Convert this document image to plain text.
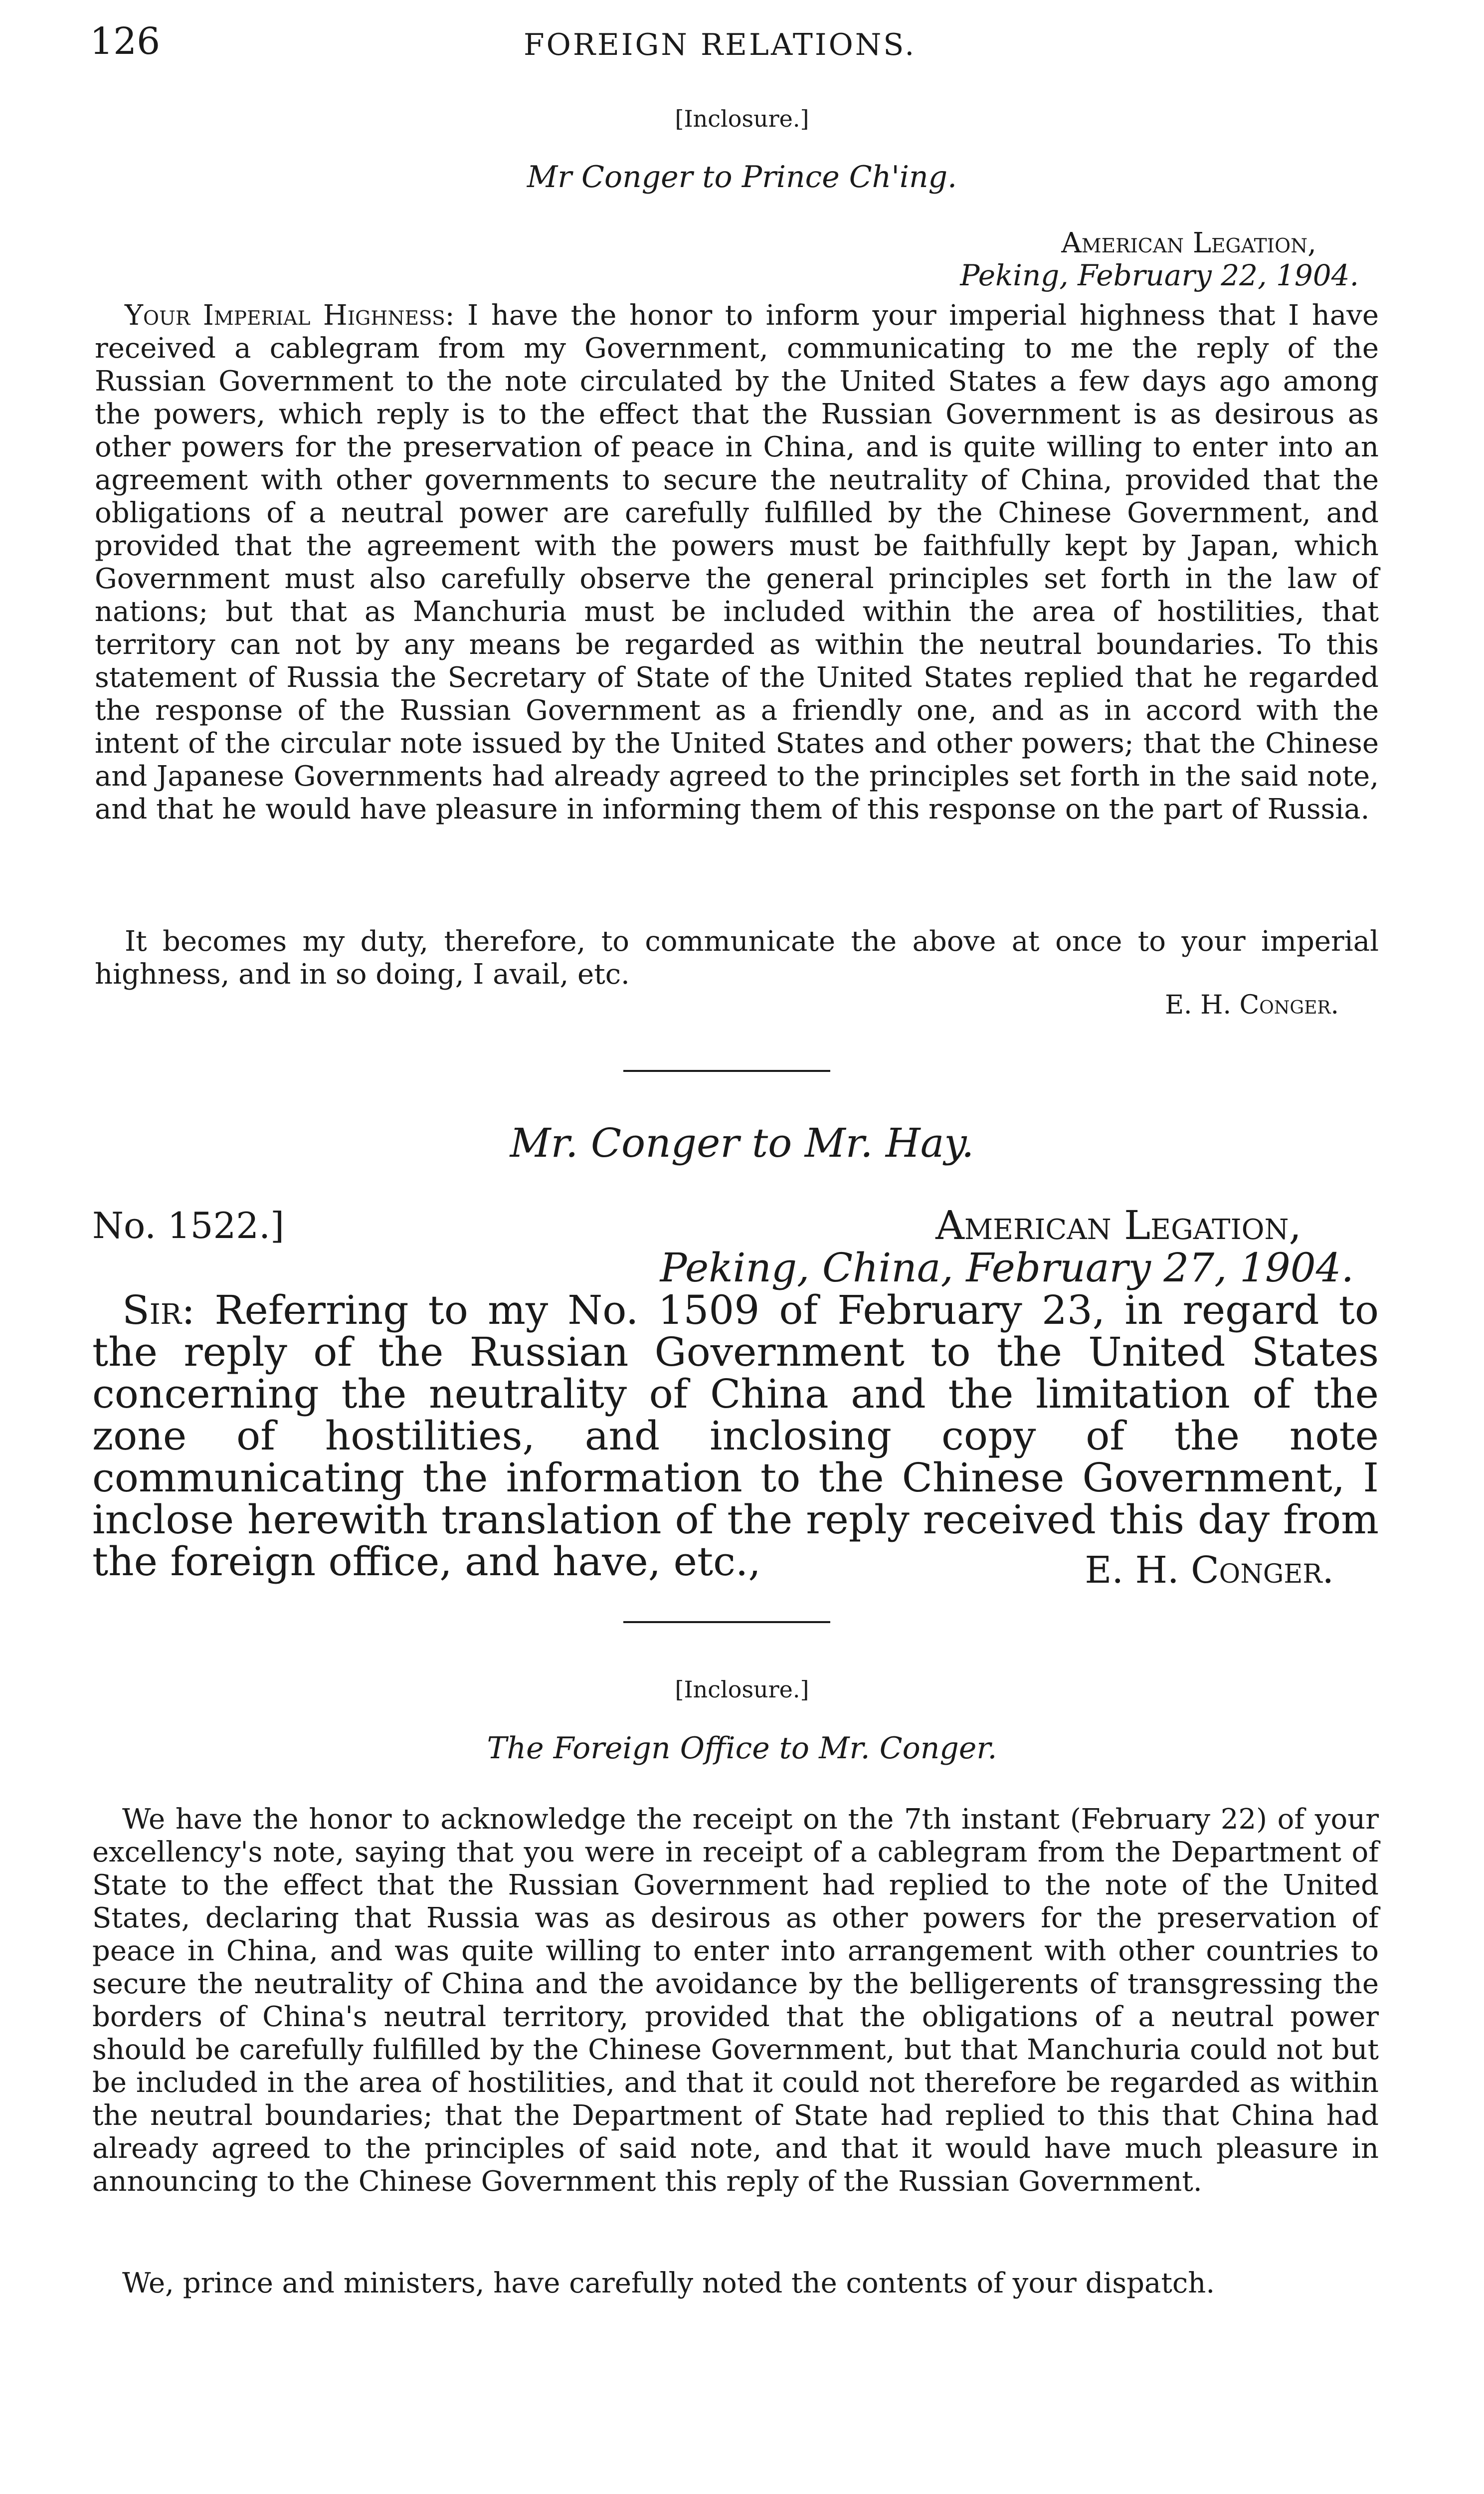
126	FOREIGN RELATIONS.
[Inclosure.]
Mr Conger to Prince Ch'ing.
American Legation,
Peking, February 22, 1904.
Your Imperial Highness: I have the honor to inform your imperial highness that I have received a cablegram from my Government, communicating to me the reply of the Russian Government to the note circulated by the United States a few days ago among the powers, which reply is to the effect that the Russian Government is as desirous as other powers for the preservation of peace in China, and is quite willing to enter into an agreement with other governments to secure the neutrality of China, provided that the obligations of a neutral power are carefully fulfilled by the Chinese Government, and provided that the agreement with the powers must be faithfully kept by Japan, which Government must also carefully observe the general principles set forth in the law of nations; but that as Manchuria must be included within the area of hostilities, that territory can not by any means be regarded as within the neutral boundaries. To this statement of Russia the Secretary of State of the United States replied that he regarded the response of the Russian Government as a friendly one, and as in accord with the intent of the circular note issued by the United States and other powers; that the Chinese and Japanese Governments had already agreed to the principles set forth in the said note, and that he would have pleasure in informing them of this response on the part of Russia.
It becomes my duty, therefore, to communicate the above at once to your imperial highness, and in so doing, I avail, etc.
E. H. Conger.
Mr. Conger to Mr. Hay.
No. 1522.]	American Legation,
Peking, China, February 27, 1904.
Sir: Referring to my No. 1509 of February 23, in regard to the reply of the Russian Government to the United States concerning the neutrality of China and the limitation of the zone of hostilities, and inclosing copy of the note communicating the information to the Chinese Government, I inclose herewith translation of the reply received this day from the foreign office, and have, etc.,	E. H. Conger.
[Inclosure.]
The Foreign Office to Mr. Conger.
We have the honor to acknowledge the receipt on the 7th instant (February 22) of your excellency's note, saying that you were in receipt of a cablegram from the Department of State to the effect that the Russian Government had replied to the note of the United States, declaring that Russia was as desirous as other powers for the preservation of peace in China, and was quite willing to enter into arrangement with other countries to secure the neutrality of China and the avoidance by the belligerents of transgressing the borders of China's neutral territory, provided that the obligations of a neutral power should be carefully fulfilled by the Chinese Government, but that Manchuria could not but be included in the area of hostilities, and that it could not therefore be regarded as within the neutral boundaries; that the Department of State had replied to this that China had already agreed to the principles of said note, and that it would have much pleasure in announcing to the Chinese Government this reply of the Russian Government.
We, prince and ministers, have carefully noted the contents of your dispatch.
